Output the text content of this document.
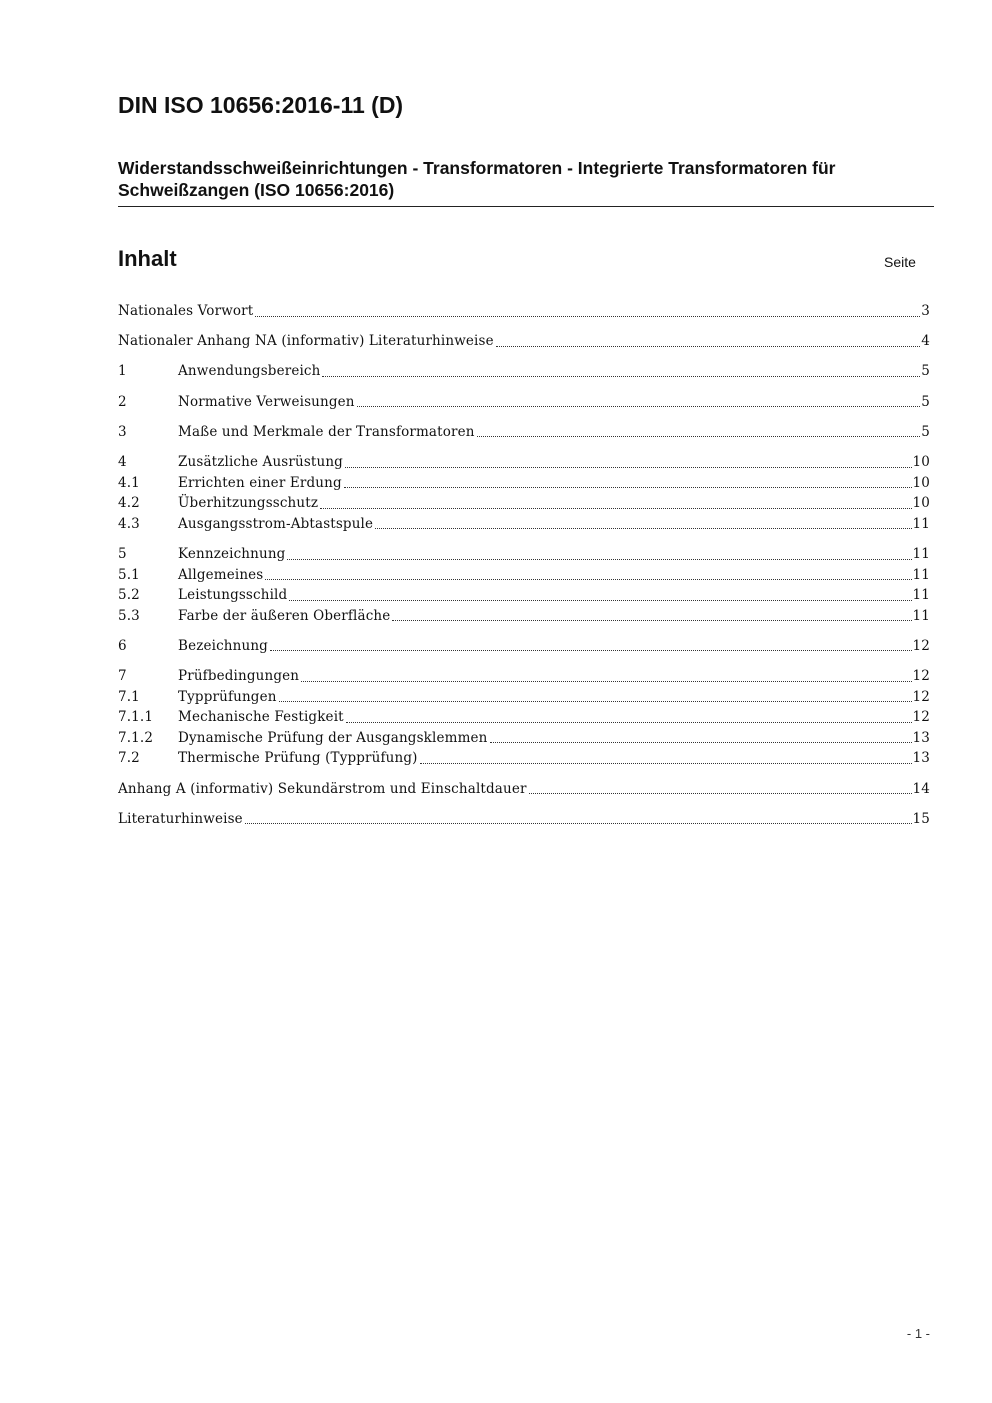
DIN ISO 10656:2016-11 (D)
Widerstandsschweißeinrichtungen - Transformatoren - Integrierte Transformatoren für Schweißzangen (ISO 10656:2016)
Inhalt	Seite
Nationales Vorwort	3
Nationaler Anhang NA (informativ) Literaturhinweise	4
1	Anwendungsbereich	5
2	Normative Verweisungen	5
3	Maße und Merkmale der Transformatoren	5
4	Zusätzliche Ausrüstung	10
4.1	Errichten einer Erdung	10
4.2	Überhitzungsschutz	10
4.3	Ausgangsstrom-Abtastspule	11
5	Kennzeichnung	11
5.1	Allgemeines	11
5.2	Leistungsschild	11
5.3	Farbe der äußeren Oberfläche	11
6	Bezeichnung	12
7	Prüfbedingungen	12
7.1	Typprüfungen	12
7.1.1	Mechanische Festigkeit	12
7.1.2	Dynamische Prüfung der Ausgangsklemmen	13
7.2	Thermische Prüfung (Typprüfung)	13
Anhang A (informativ) Sekundärstrom und Einschaltdauer	14
Literaturhinweise	15
- 1 -
